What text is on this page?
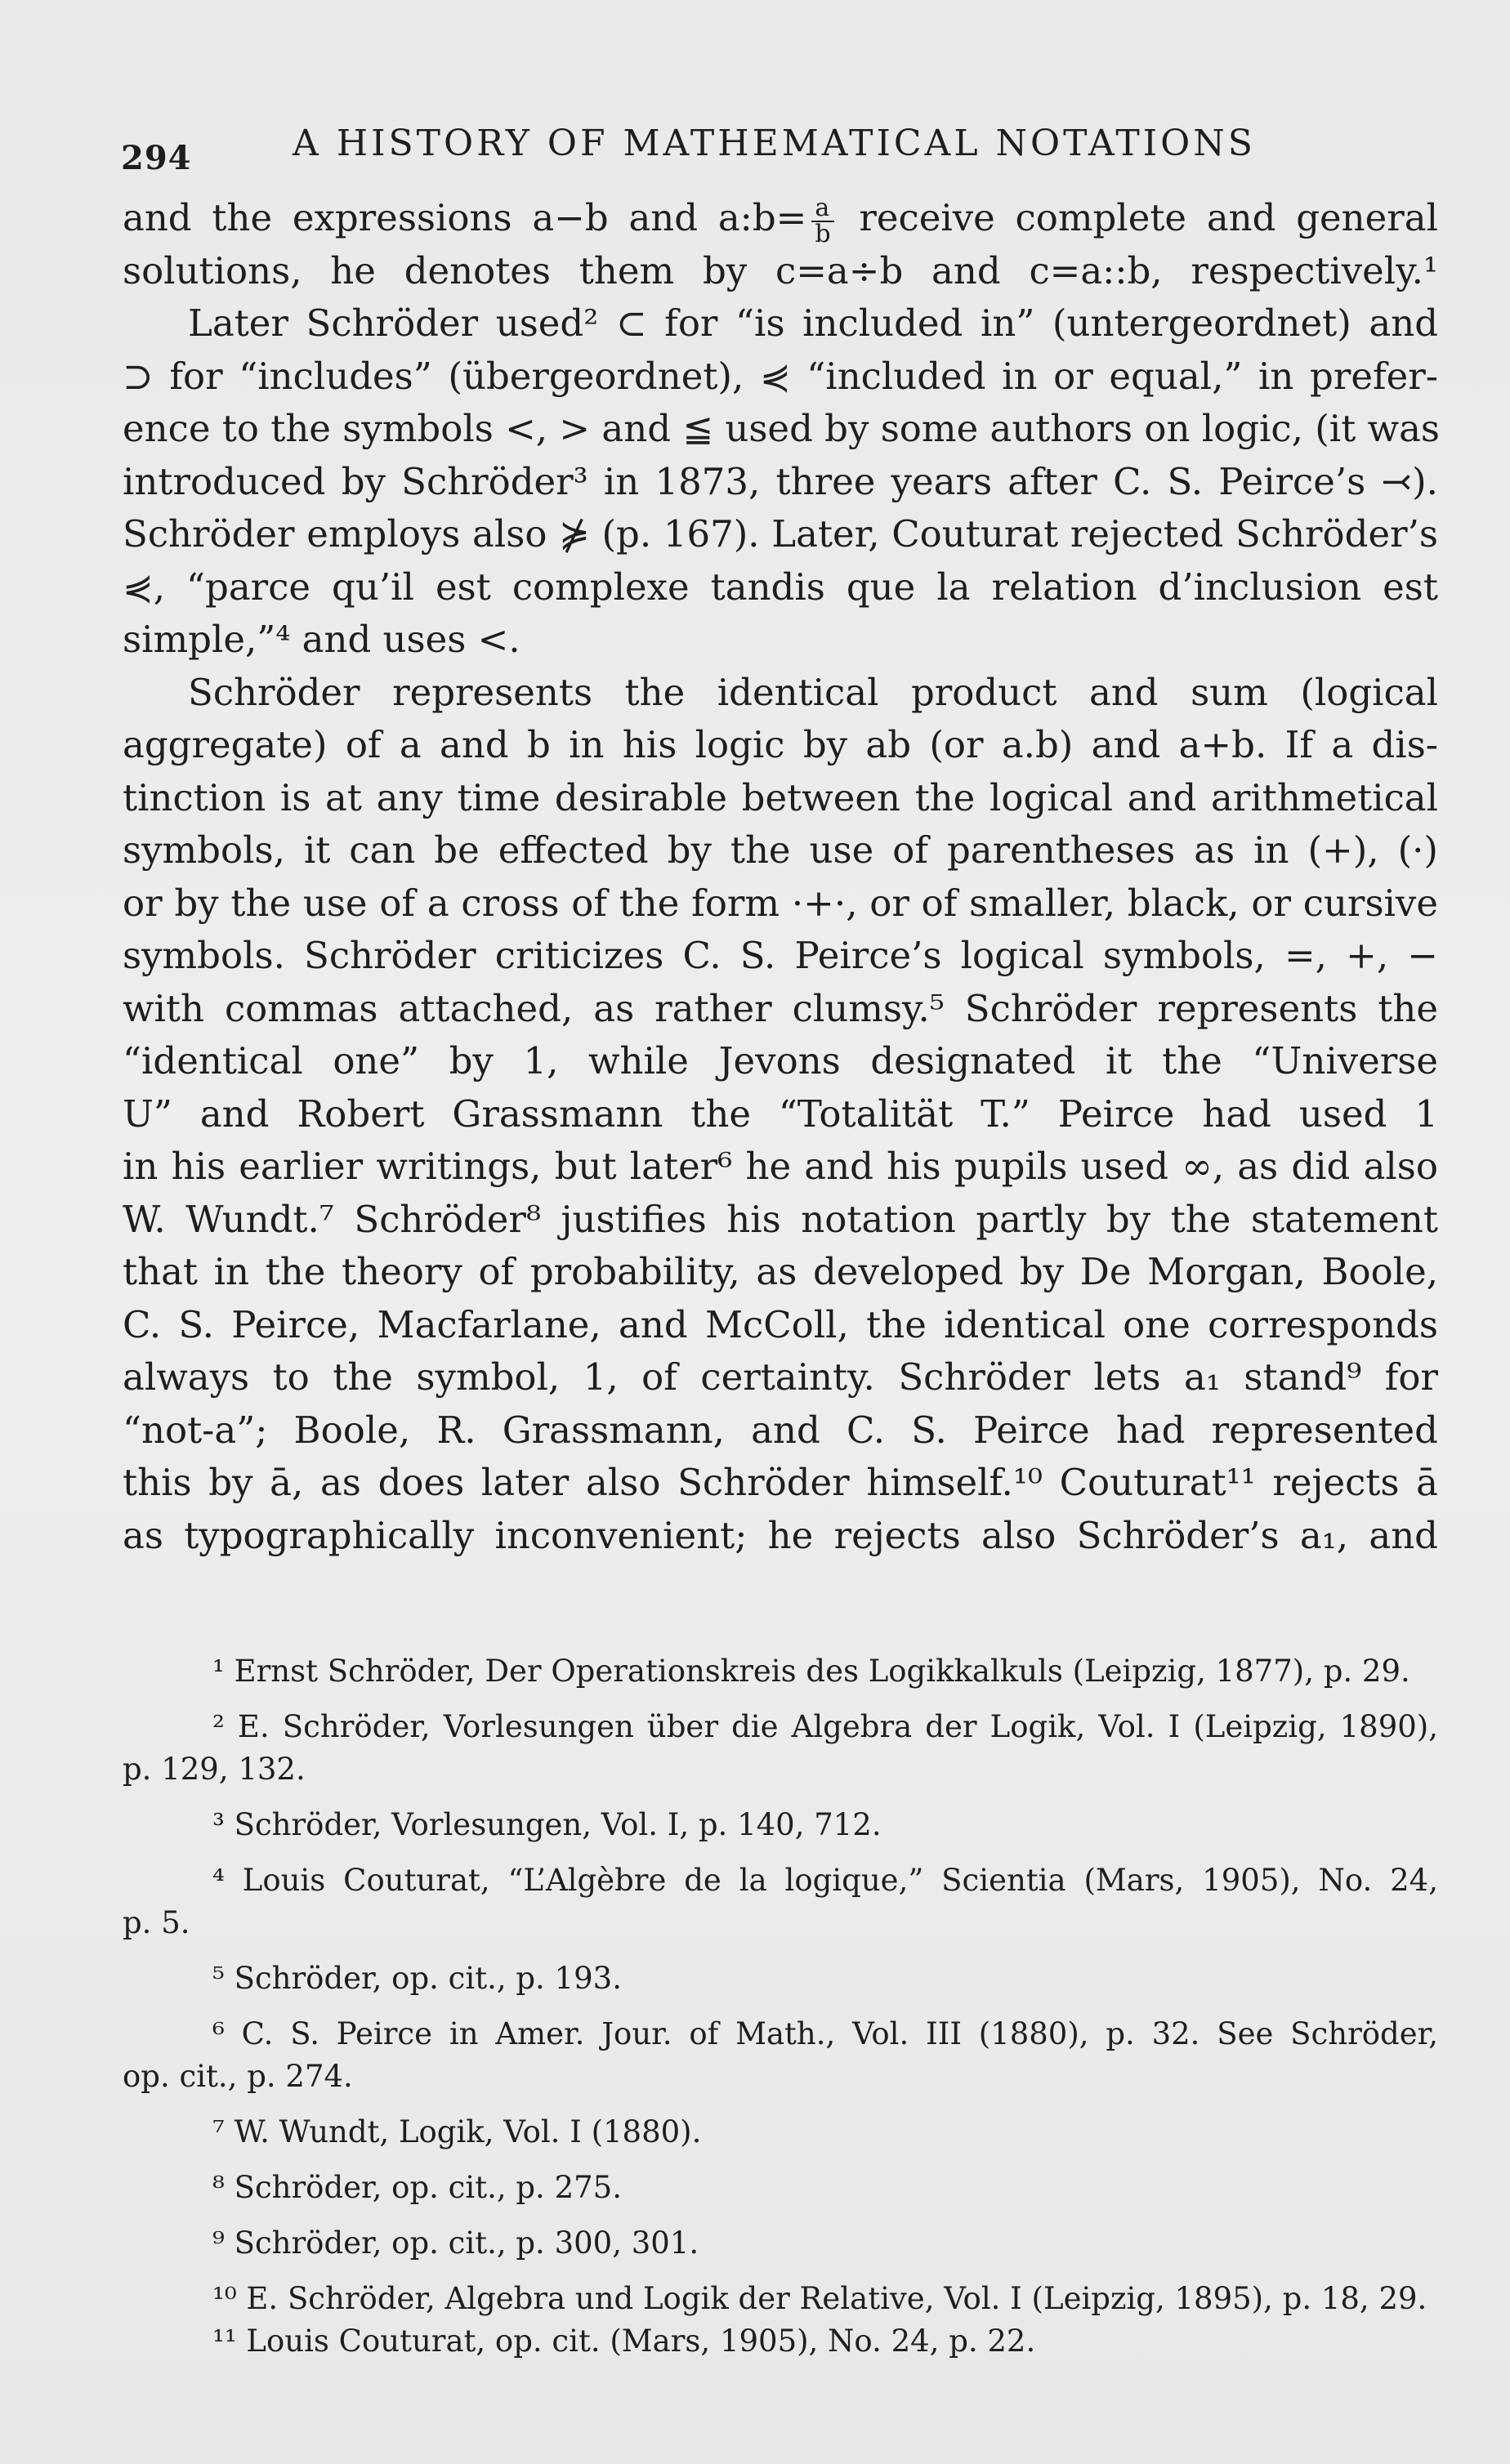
294	A HISTORY OF MATHEMATICAL NOTATIONS
and the expressions a−b and a:b= $\frac{a}{b}$ receive complete and general
solutions, he denotes them by c=a÷b and c=a::b, respectively.¹
Later Schröder used² ⊂ for “is included in” (untergeordnet) and
⊃ for “includes” (übergeordnet), ⋞ “included in or equal,” in prefer-
ence to the symbols <, > and ≦ used by some authors on logic, (it was
introduced by Schröder³ in 1873, three years after C. S. Peirce’s ⤙).
Schröder employs also ⋡ (p. 167). Later, Couturat rejected Schröder’s
⋞, “parce qu’il est complexe tandis que la relation d’inclusion est
simple,”⁴ and uses <.
Schröder represents the identical product and sum (logical
aggregate) of a and b in his logic by ab (or a.b) and a+b. If a dis-
tinction is at any time desirable between the logical and arithmetical
symbols, it can be effected by the use of parentheses as in (+), (·)
or by the use of a cross of the form ·+·, or of smaller, black, or cursive
symbols. Schröder criticizes C. S. Peirce’s logical symbols, =, +, −
with commas attached, as rather clumsy.⁵ Schröder represents the
“identical one” by 1, while Jevons designated it the “Universe
U” and Robert Grassmann the “Totalität T.” Peirce had used 1
in his earlier writings, but later⁶ he and his pupils used ∞, as did also
W. Wundt.⁷ Schröder⁸ justifies his notation partly by the statement
that in the theory of probability, as developed by De Morgan, Boole,
C. S. Peirce, Macfarlane, and McColl, the identical one corresponds
always to the symbol, 1, of certainty. Schröder lets a₁ stand⁹ for
“not-a”; Boole, R. Grassmann, and C. S. Peirce had represented
this by ā, as does later also Schröder himself.¹⁰ Couturat¹¹ rejects ā
as typographically inconvenient; he rejects also Schröder’s a₁, and
¹ Ernst Schröder, Der Operationskreis des Logikkalkuls (Leipzig, 1877), p. 29.
² E. Schröder, Vorlesungen über die Algebra der Logik, Vol. I (Leipzig, 1890),
p. 129, 132.
³ Schröder, Vorlesungen, Vol. I, p. 140, 712.
⁴ Louis Couturat, “L’Algèbre de la logique,” Scientia (Mars, 1905), No. 24,
p. 5.
⁵ Schröder, op. cit., p. 193.
⁶ C. S. Peirce in Amer. Jour. of Math., Vol. III (1880), p. 32. See Schröder,
op. cit., p. 274.
⁷ W. Wundt, Logik, Vol. I (1880).
⁸ Schröder, op. cit., p. 275.
⁹ Schröder, op. cit., p. 300, 301.
¹⁰ E. Schröder, Algebra und Logik der Relative, Vol. I (Leipzig, 1895), p. 18, 29.
¹¹ Louis Couturat, op. cit. (Mars, 1905), No. 24, p. 22.
